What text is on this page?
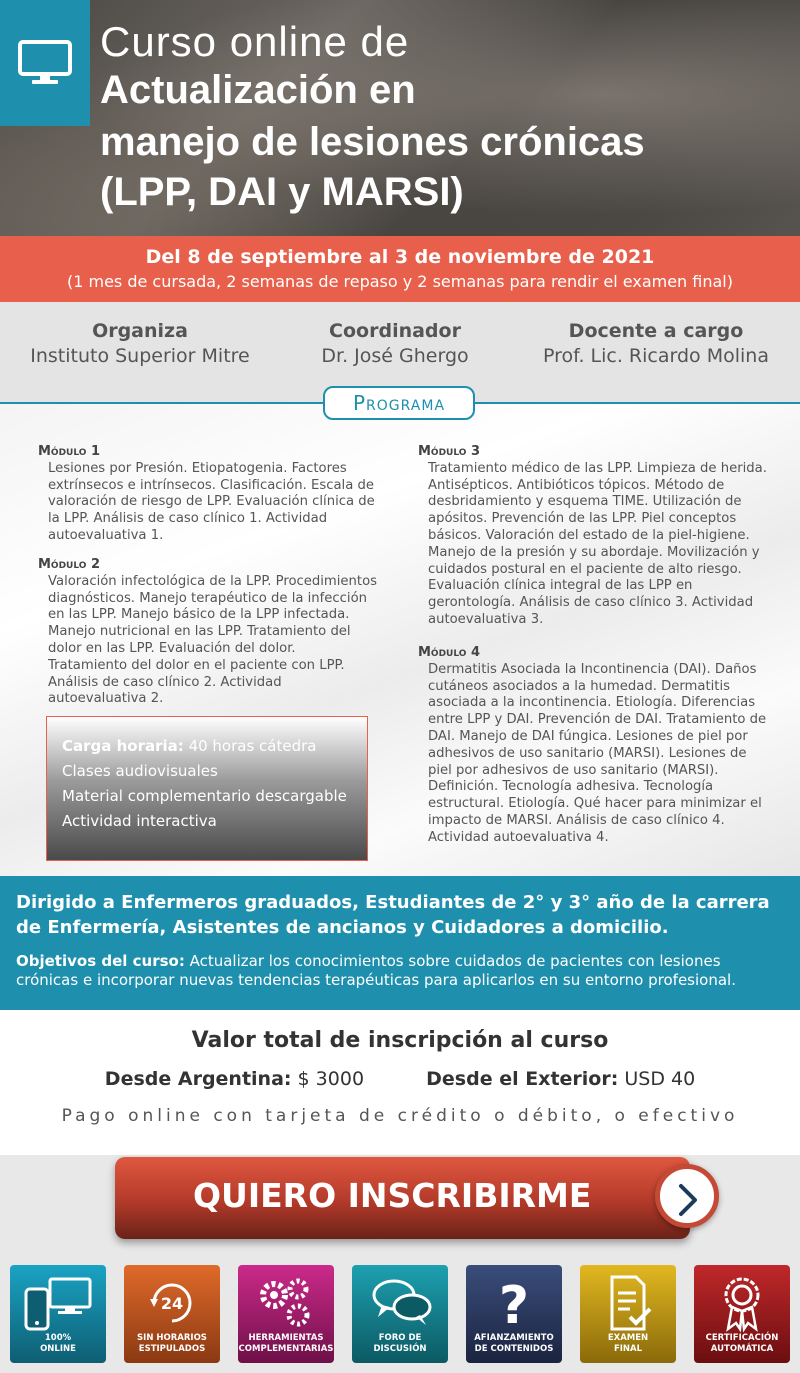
Curso online de
Actualización en
manejo de lesiones crónicas
(LPP, DAI y MARSI)
Del 8 de septiembre al 3 de noviembre de 2021
(1 mes de cursada, 2 semanas de repaso y 2 semanas para rendir el examen final)
Organiza
Instituto Superior Mitre
Coordinador
Dr. José Ghergo
Docente a cargo
Prof. Lic. Ricardo Molina
Programa
Módulo 1
Lesiones por Presión. Etiopatogenia. Factores extrínsecos e intrínsecos. Clasificación. Escala de valoración de riesgo de LPP. Evaluación clínica de la LPP. Análisis de caso clínico 1. Actividad autoevaluativa 1.
Módulo 2
Valoración infectológica de la LPP. Procedimientos diagnósticos. Manejo terapéutico de la infección en las LPP. Manejo básico de la LPP infectada. Manejo nutricional en las LPP. Tratamiento del dolor en las LPP. Evaluación del dolor. Tratamiento del dolor en el paciente con LPP. Análisis de caso clínico 2. Actividad autoevaluativa 2.
Módulo 3
Tratamiento médico de las LPP. Limpieza de herida. Antisépticos. Antibióticos tópicos. Método de desbridamiento y esquema TIME. Utilización de apósitos. Prevención de las LPP. Piel conceptos básicos. Valoración del estado de la piel-higiene. Manejo de la presión y su abordaje. Movilización y cuidados postural en el paciente de alto riesgo. Evaluación clínica integral de las LPP en gerontología. Análisis de caso clínico 3. Actividad autoevaluativa 3.
Módulo 4
Dermatitis Asociada la Incontinencia (DAI). Daños cutáneos asociados a la humedad. Dermatitis asociada a la incontinencia. Etiología. Diferencias entre LPP y DAI. Prevención de DAI. Tratamiento de DAI. Manejo de DAI fúngica. Lesiones de piel por adhesivos de uso sanitario (MARSI). Lesiones de piel por adhesivos de uso sanitario (MARSI). Definición. Tecnología adhesiva. Tecnología estructural. Etiología. Qué hacer para minimizar el impacto de MARSI. Análisis de caso clínico 4. Actividad autoevaluativa 4.
Carga horaria: 40 horas cátedra
Clases audiovisuales
Material complementario descargable
Actividad interactiva
Dirigido a Enfermeros graduados, Estudiantes de 2° y 3° año de la carrera de Enfermería, Asistentes de ancianos y Cuidadores a domicilio.
Objetivos del curso: Actualizar los conocimientos sobre cuidados de pacientes con lesiones crónicas e incorporar nuevas tendencias terapéuticas para aplicarlos en su entorno profesional.
Valor total de inscripción al curso
Desde Argentina: $ 3000	Desde el Exterior: USD 40
Pago online con tarjeta de crédito o débito, o efectivo
QUIERO INSCRIBIRME
100%
ONLINE
24
SIN HORARIOS
ESTIPULADOS
HERRAMIENTAS
COMPLEMENTARIAS
FORO DE
DISCUSIÓN
?
AFIANZAMIENTO
DE CONTENIDOS
EXAMEN
FINAL
CERTIFICACIÓN
AUTOMÁTICA
